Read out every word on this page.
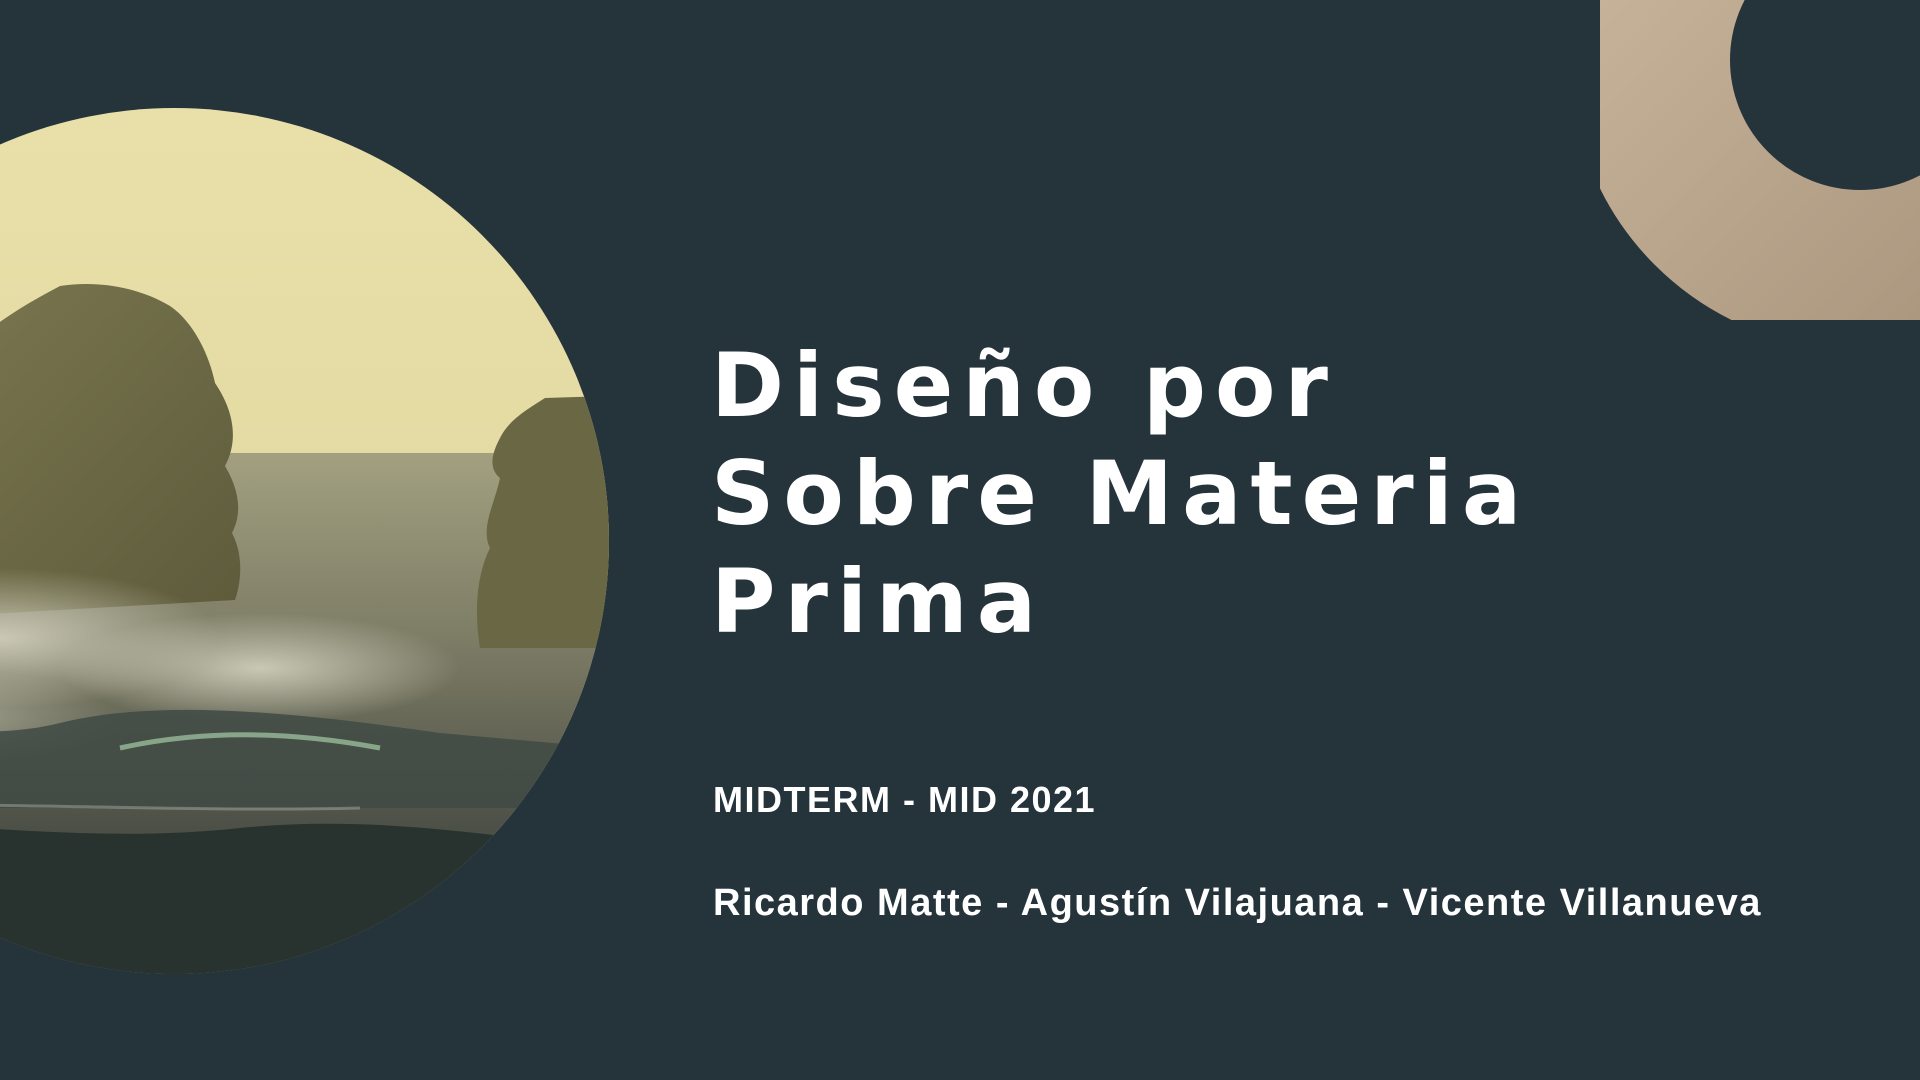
Diseño por
Sobre Materia
Prima

MIDTERM - MID 2021

Ricardo Matte - Agustín Vilajuana - Vicente Villanueva
